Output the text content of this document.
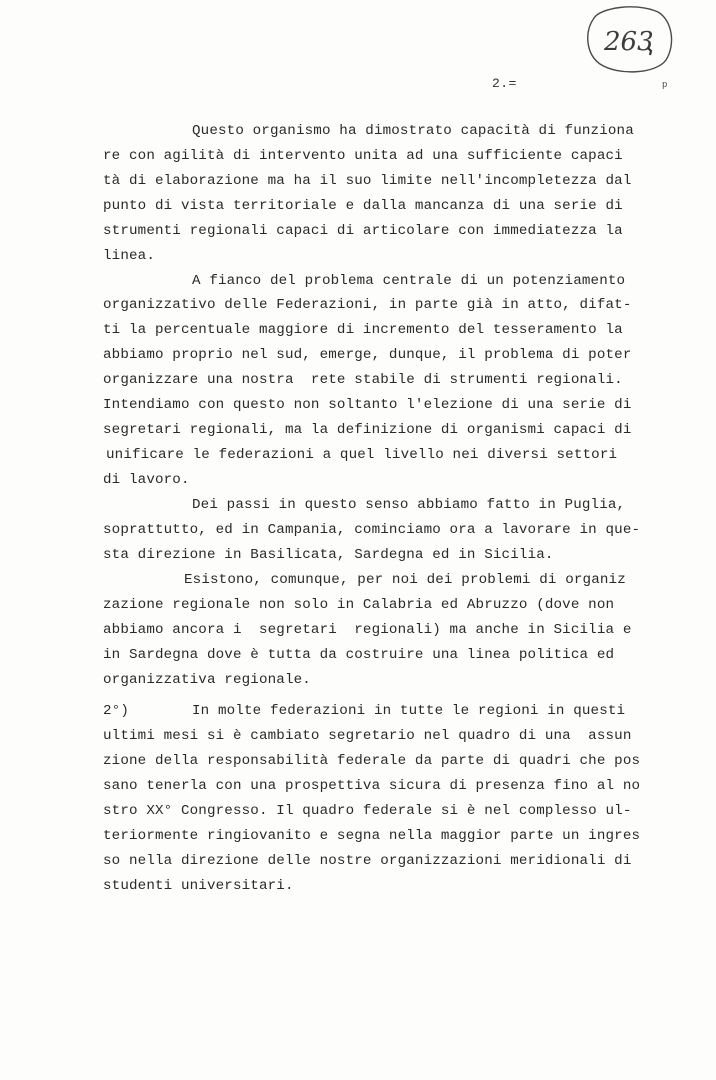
263
p
2.=
Questo organismo ha dimostrato capacità di funziona
re con agilità di intervento unita ad una sufficiente capaci
tà di elaborazione ma ha il suo limite nell'incompletezza dal
punto di vista territoriale e dalla mancanza di una serie di
strumenti regionali capaci di articolare con immediatezza la
linea.
A fianco del problema centrale di un potenziamento
organizzativo delle Federazioni, in parte già in atto, difat-
ti la percentuale maggiore di incremento del tesseramento la
abbiamo proprio nel sud, emerge, dunque, il problema di poter
organizzare una nostra  rete stabile di strumenti regionali.
Intendiamo con questo non soltanto l'elezione di una serie di
segretari regionali, ma la definizione di organismi capaci di
unificare le federazioni a quel livello nei diversi settori
di lavoro.
Dei passi in questo senso abbiamo fatto in Puglia,
soprattutto, ed in Campania, cominciamo ora a lavorare in que-
sta direzione in Basilicata, Sardegna ed in Sicilia.
Esistono, comunque, per noi dei problemi di organiz
zazione regionale non solo in Calabria ed Abruzzo (dove non
abbiamo ancora i  segretari  regionali) ma anche in Sicilia e
in Sardegna dove è tutta da costruire una linea politica ed
organizzativa regionale.
2°)	In molte federazioni in tutte le regioni in questi
ultimi mesi si è cambiato segretario nel quadro di una  assun
zione della responsabilità federale da parte di quadri che pos
sano tenerla con una prospettiva sicura di presenza fino al no
stro XX° Congresso. Il quadro federale si è nel complesso ul-
teriormente ringiovanito e segna nella maggior parte un ingres
so nella direzione delle nostre organizzazioni meridionali di
studenti universitari.
